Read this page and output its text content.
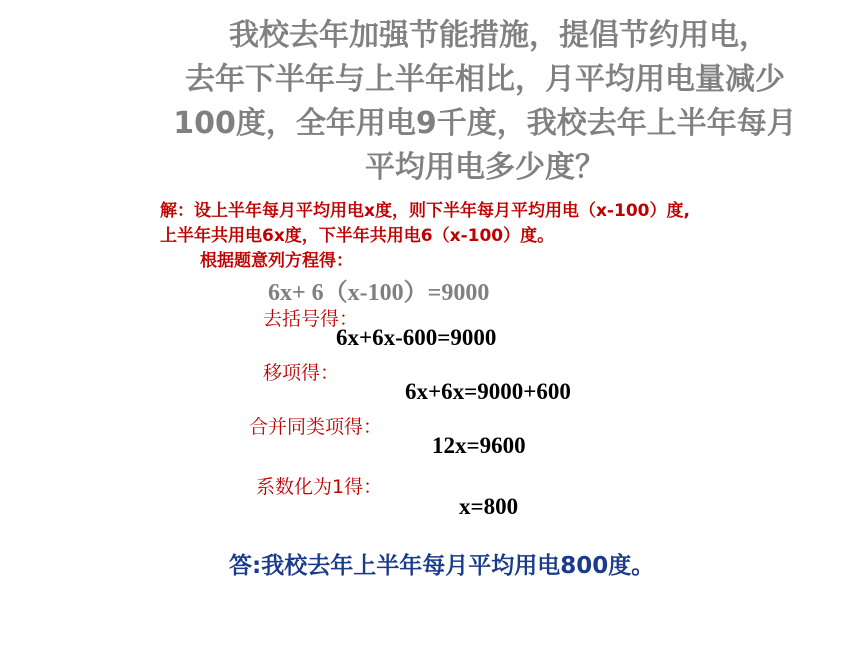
我校去年加强节能措施，提倡节约用电，
去年下半年与上半年相比，月平均用电量减少
100度，全年用电9千度，我校去年上半年每月
平均用电多少度？
解：设上半年每月平均用电x度，则下半年每月平均用电（x-100）度,
上半年共用电6x度，下半年共用电6（x-100）度。
根据题意列方程得：
6x+ 6（x-100）=9000
去括号得：
6x+6x-600=9000
移项得：
6x+6x=9000+600
合并同类项得：
12x=9600
系数化为1得：
x=800
答:我校去年上半年每月平均用电800度。
